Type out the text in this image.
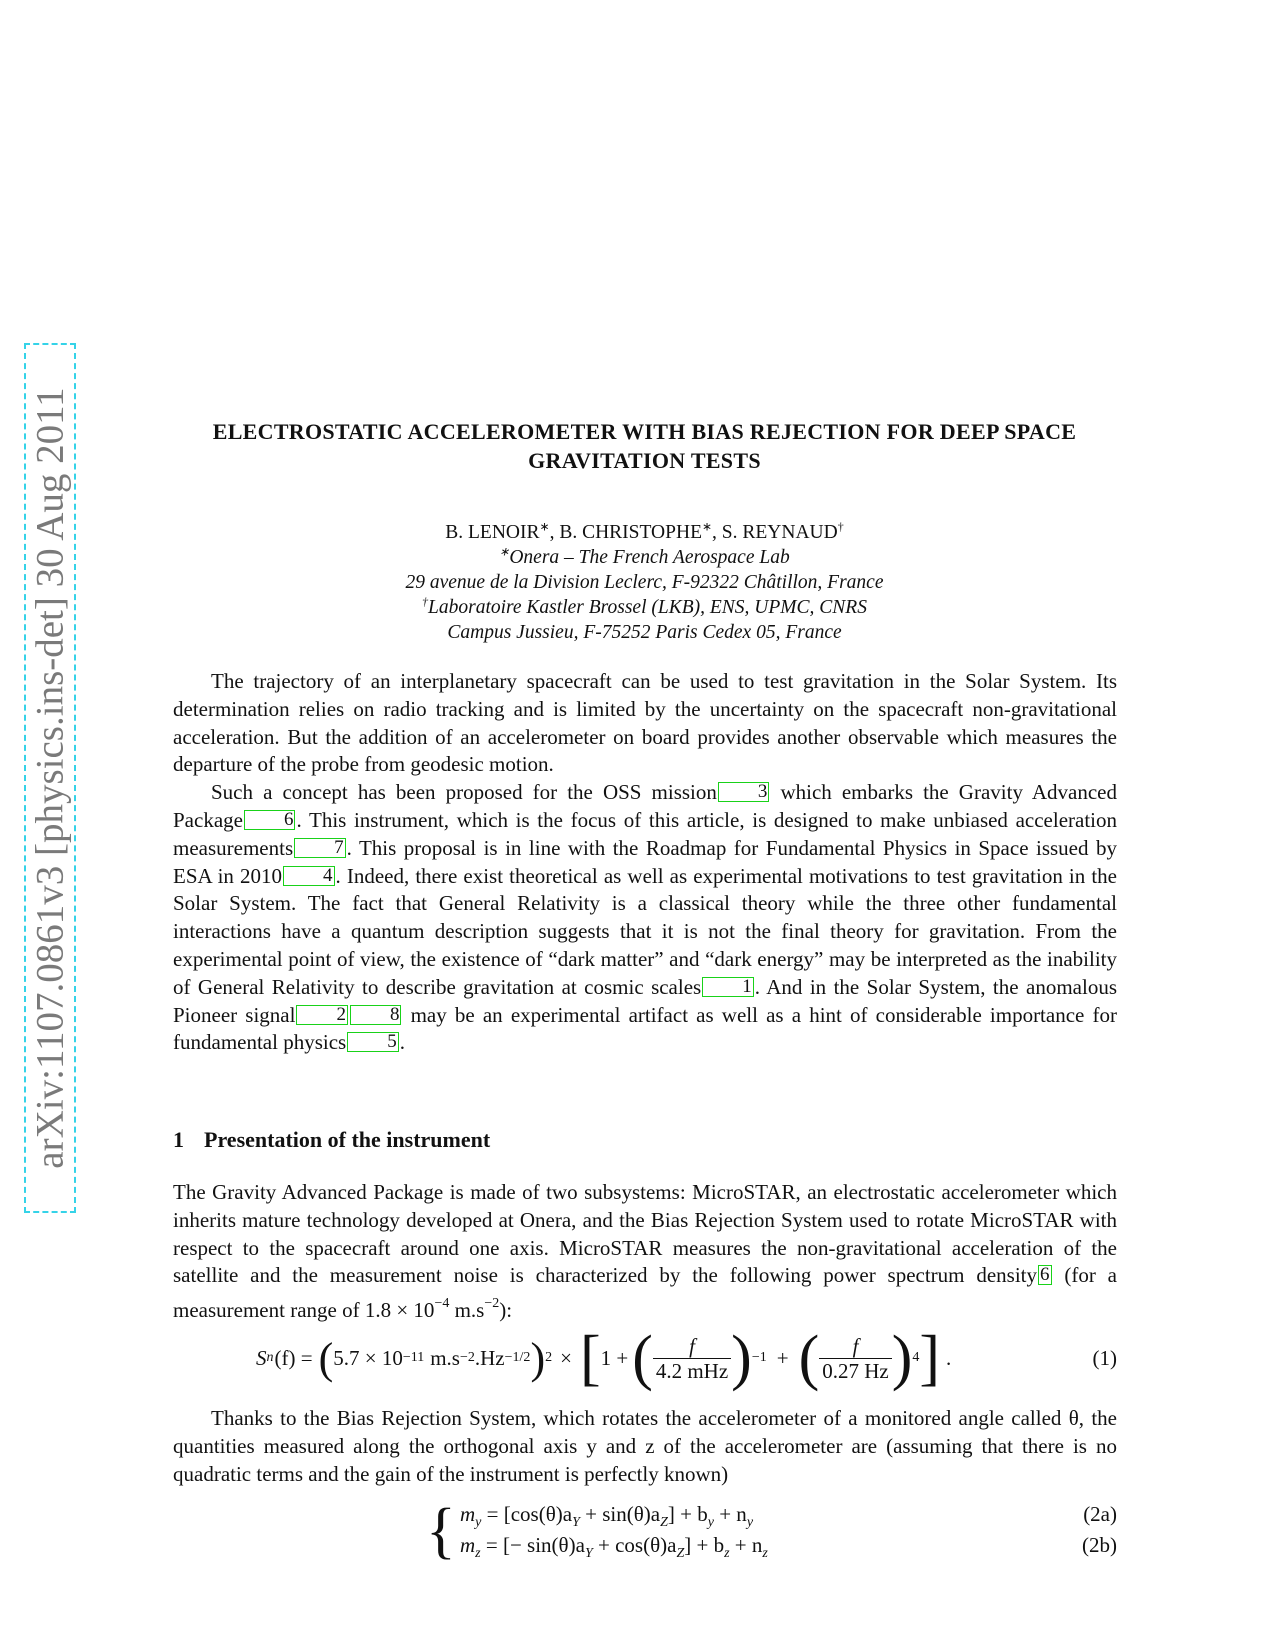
arXiv:1107.0861v3 [physics.ins-det] 30 Aug 2011	ELECTROSTATIC ACCELEROMETER WITH BIAS REJECTION FOR DEEP SPACE GRAVITATION TESTS
B. LENOIR∗, B. CHRISTOPHE∗, S. REYNAUD†
∗Onera – The French Aerospace Lab
29 avenue de la Division Leclerc, F-92322 Châtillon, France
†Laboratoire Kastler Brossel (LKB), ENS, UPMC, CNRS
Campus Jussieu, F-75252 Paris Cedex 05, France

The trajectory of an interplanetary spacecraft can be used to test gravitation in the Solar System. Its determination relies on radio tracking and is limited by the uncertainty on the spacecraft non-gravitational acceleration. But the addition of an accelerometer on board provides another observable which measures the departure of the probe from geodesic motion.

Such a concept has been proposed for the OSS mission 3 which embarks the Gravity Advanced Package 6 . This instrument, which is the focus of this article, is designed to make unbiased acceleration measurements 7 . This proposal is in line with the Roadmap for Fundamental Physics in Space issued by ESA in 2010 4 . Indeed, there exist theoretical as well as experimental motivations to test gravitation in the Solar System. The fact that General Relativity is a classical theory while the three other fundamental interactions have a quantum description suggests that it is not the final theory for gravitation. From the experimental point of view, the existence of “dark matter” and “dark energy” may be interpreted as the inability of General Relativity to describe gravitation at cosmic scales 1 . And in the Solar System, the anomalous Pioneer signal 2 8 may be an experimental artifact as well as a hint of considerable importance for fundamental physics 5 .

1 Presentation of the instrument

The Gravity Advanced Package is made of two subsystems: MicroSTAR, an electrostatic accelerometer which inherits mature technology developed at Onera, and the Bias Rejection System used to rotate MicroSTAR with respect to the spacecraft around one axis. MicroSTAR measures the non-gravitational acceleration of the satellite and the measurement noise is characterized by the following power spectrum density 6 (for a measurement range of $1.8 \times 10^{-4}$ $m.s^{-2}$):

S n (f) = ( 5.7 × 10 −11 m.s −2 .Hz −1/2 ) 2 × [ 1 + ( $\frac{f}{\text{4.2 mHz}}$ ) −1 + ( $\frac{f}{0.27 Hz}$ ) 4 ] .	(1)

Thanks to the Bias Rejection System, which rotates the accelerometer of a monitored angle called θ, the quantities measured along the orthogonal axis y and z of the accelerometer are (assuming that there is no quadratic terms and the gain of the instrument is perfectly known)

{ $m_y = [\cos(\theta)a_Y + \sin(\theta)a_Z] + b_y + n_y$	(2a)
$m_z$ = [− $\sin(\theta)a_Y + \cos(\theta)a_Z] + b_z + n_z$	(2b)
